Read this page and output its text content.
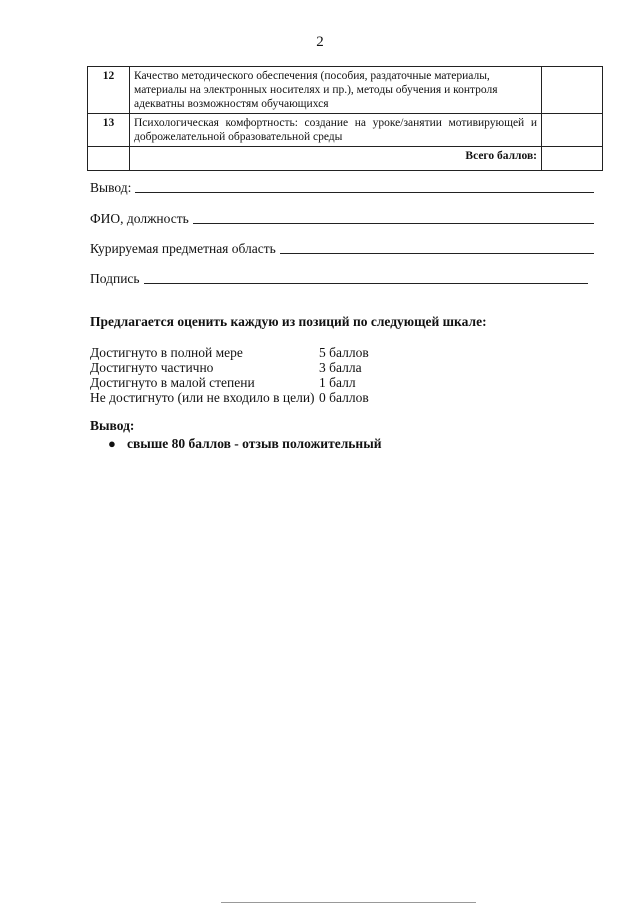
2
12	Качество методического обеспечения (пособия, раздаточные материалы, материалы на электронных носителях и пр.), методы обучения и контроля адекватны возможностям обучающихся	
13	Психологическая комфортность: создание на уроке/занятии мотивирующей и доброжелательной образовательной среды	
	Всего баллов:	
Вывод:
ФИО, должность
Курируемая предметная область
Подпись
Предлагается оценить каждую из позиций по следующей шкале:
Достигнуто в полной мере	5 баллов
Достигнуто частично	3 балла
Достигнуто в малой степени	1 балл
Не достигнуто (или не входило в цели) 0 баллов
Вывод:
● свыше 80 баллов - отзыв положительный
